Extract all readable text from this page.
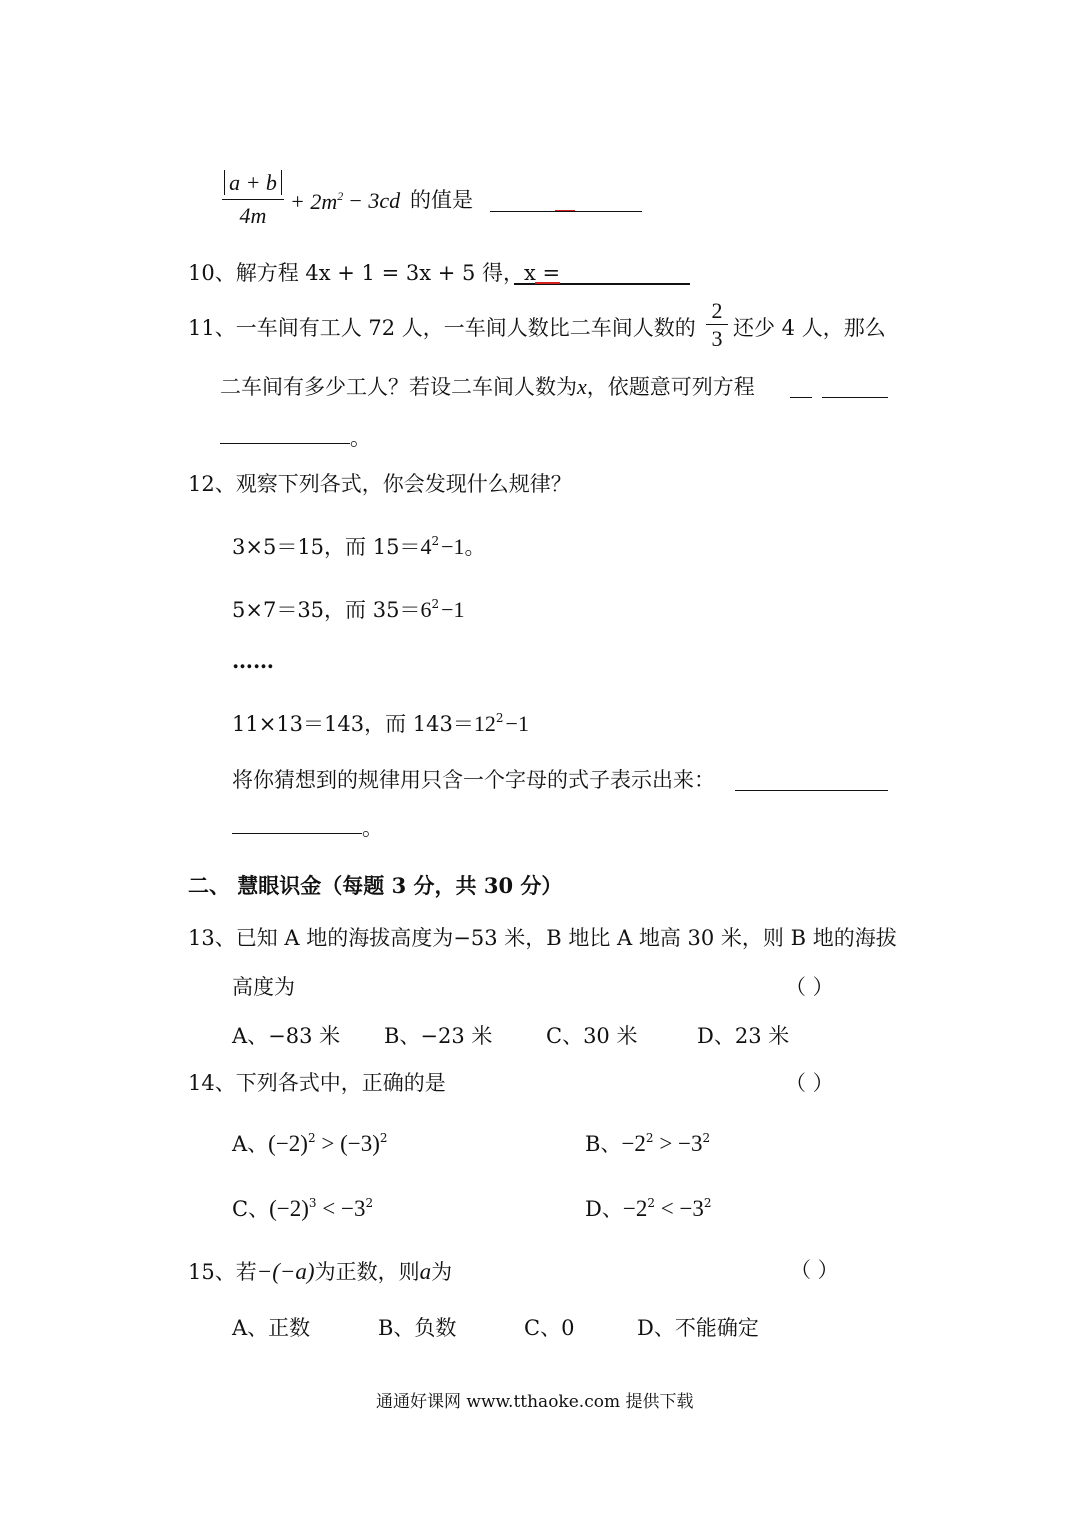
a + b
4m
+ $2m^2 - 3cd$ 的值是
10、解方程 4x + 1 = 3x + 5 得，x =
11、一车间有工人 72 人，一车间人数比二车间人数的
2
3 还少 4 人，那么
二车间有多少工人？若设二车间人数为x，依题意可列方程
。
12、观察下列各式，你会发现什么规律？
3×5＝15，而 $15=4^2-1$。
5×7＝35，而 $35=6^2-1$
……
11×13＝143，而 $143=12^2-1$
将你猜想到的规律用只含一个字母的式子表示出来：
。
二、 慧眼识金（每题 3 分，共 30 分）
13、已知 A 地的海拔高度为−53 米，B 地比 A 地高 30 米，则 B 地的海拔
高度为	（ ）
A、−83 米 B、−23 米	C、30 米	D、23 米
14、下列各式中，正确的是	（ ）
A、$(-2)^2 > (-3)^2$	B、$-2^2 > -3^2$
C、$(-2)^3 < -3^2$	D、$-2^2 < -3^2$
15、若−(−a)为正数，则a为	（ ）
A、正数	B、负数	C、0	D、不能确定
通通好课网 www.tthaoke.com 提供下载
